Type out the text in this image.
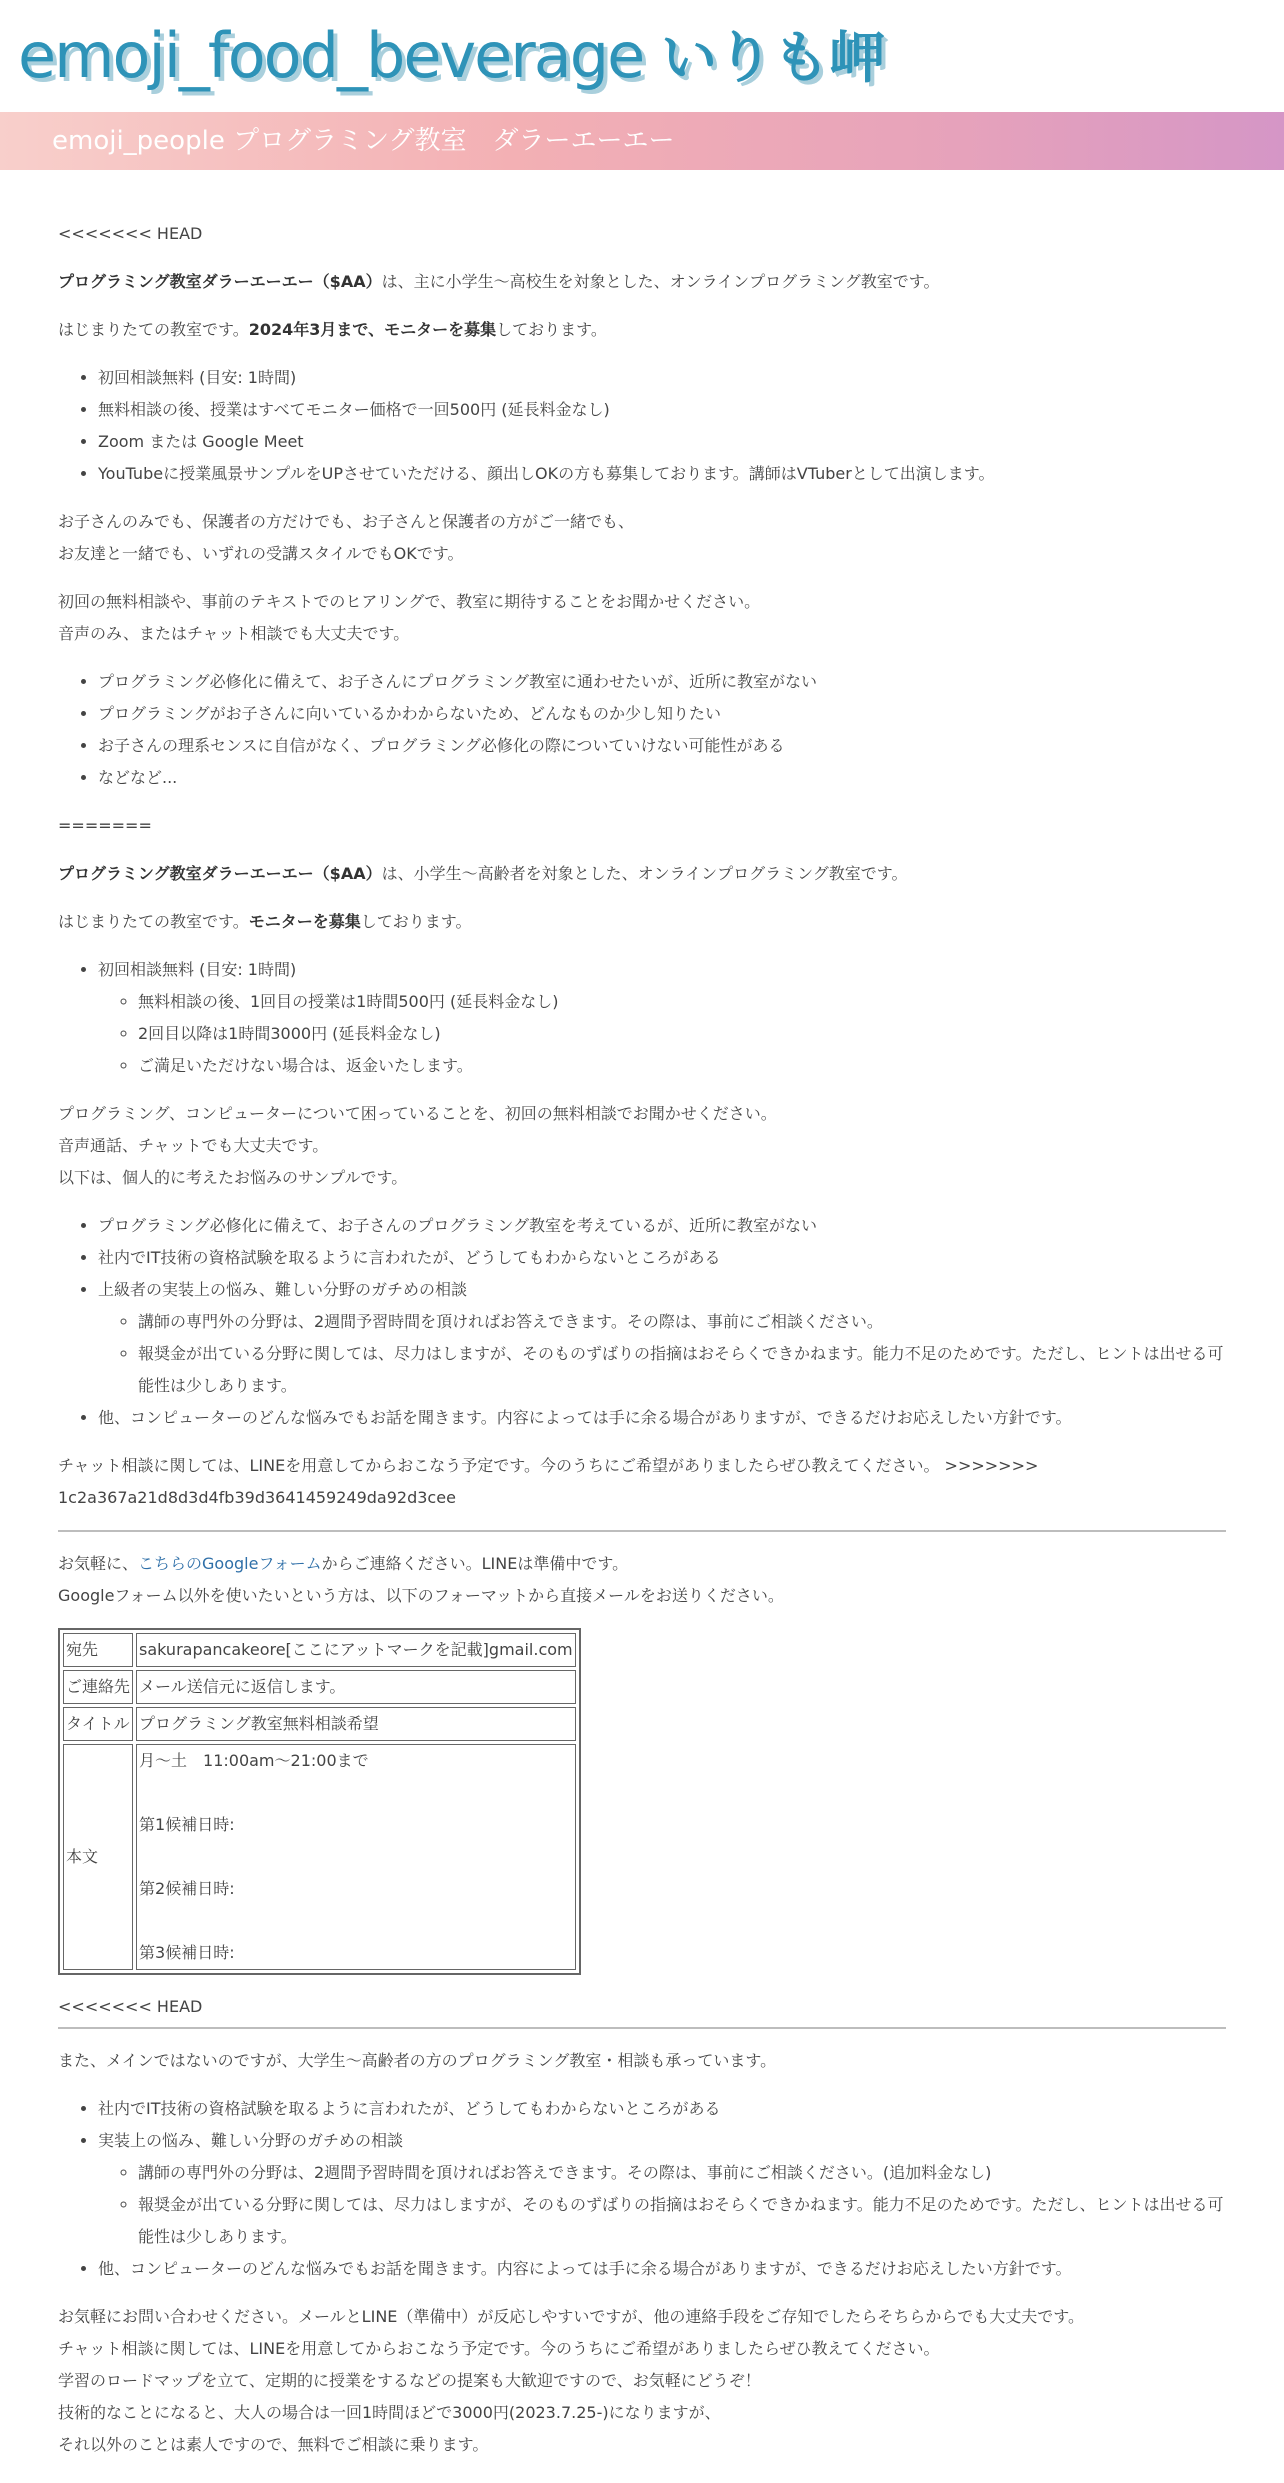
emoji_food_beverage いりも岬
emoji_people プログラミング教室　ダラーエーエー

<<<<<<< HEAD

プログラミング教室ダラーエーエー（$AA）は、主に小学生〜高校生を対象とした、オンラインプログラミング教室です。

はじまりたての教室です。2024年3月まで、モニターを募集しております。

• 初回相談無料 (目安: 1時間)
• 無料相談の後、授業はすべてモニター価格で一回500円 (延長料金なし)
• Zoom または Google Meet
• YouTubeに授業風景サンプルをUPさせていただける、顔出しOKの方も募集しております。講師はVTuberとして出演します。

お子さんのみでも、保護者の方だけでも、お子さんと保護者の方がご一緒でも、
お友達と一緒でも、いずれの受講スタイルでもOKです。

初回の無料相談や、事前のテキストでのヒアリングで、教室に期待することをお聞かせください。
音声のみ、またはチャット相談でも大丈夫です。

• プログラミング必修化に備えて、お子さんにプログラミング教室に通わせたいが、近所に教室がない
• プログラミングがお子さんに向いているかわからないため、どんなものか少し知りたい
• お子さんの理系センスに自信がなく、プログラミング必修化の際についていけない可能性がある
• などなど...

=======

プログラミング教室ダラーエーエー（$AA）は、小学生〜高齢者を対象とした、オンラインプログラミング教室です。

はじまりたての教室です。モニターを募集しております。

• 初回相談無料 (目安: 1時間)
◦ 無料相談の後、1回目の授業は1時間500円 (延長料金なし)
◦ 2回目以降は1時間3000円 (延長料金なし)
◦ ご満足いただけない場合は、返金いたします。

プログラミング、コンピューターについて困っていることを、初回の無料相談でお聞かせください。
音声通話、チャットでも大丈夫です。
以下は、個人的に考えたお悩みのサンプルです。

• プログラミング必修化に備えて、お子さんのプログラミング教室を考えているが、近所に教室がない
• 社内でIT技術の資格試験を取るように言われたが、どうしてもわからないところがある
• 上級者の実装上の悩み、難しい分野のガチめの相談
◦ 講師の専門外の分野は、2週間予習時間を頂ければお答えできます。その際は、事前にご相談ください。
◦ 報奨金が出ている分野に関しては、尽力はしますが、そのものずばりの指摘はおそらくできかねます。能力不足のためです。ただし、ヒントは出せる可能性は少しあります。
• 他、コンピューターのどんな悩みでもお話を聞きます。内容によっては手に余る場合がありますが、できるだけお応えしたい方針です。

チャット相談に関しては、LINEを用意してからおこなう予定です。今のうちにご希望がありましたらぜひ教えてください。 >>>>>>>
1c2a367a21d8d3d4fb39d3641459249da92d3cee

お気軽に、こちらのGoogleフォームからご連絡ください。LINEは準備中です。
Googleフォーム以外を使いたいという方は、以下のフォーマットから直接メールをお送りください。

宛先	sakurapancakeore[ここにアットマークを記載]gmail.com
ご連絡先	メール送信元に返信します。
タイトル	プログラミング教室無料相談希望
本文	月〜土　11:00am〜21:00まで

第1候補日時:

第2候補日時:

第3候補日時:

<<<<<<< HEAD

また、メインではないのですが、大学生〜高齢者の方のプログラミング教室・相談も承っています。

• 社内でIT技術の資格試験を取るように言われたが、どうしてもわからないところがある
• 実装上の悩み、難しい分野のガチめの相談
◦ 講師の専門外の分野は、2週間予習時間を頂ければお答えできます。その際は、事前にご相談ください。(追加料金なし)
◦ 報奨金が出ている分野に関しては、尽力はしますが、そのものずばりの指摘はおそらくできかねます。能力不足のためです。ただし、ヒントは出せる可能性は少しあります。
• 他、コンピューターのどんな悩みでもお話を聞きます。内容によっては手に余る場合がありますが、できるだけお応えしたい方針です。

お気軽にお問い合わせください。メールとLINE（準備中）が反応しやすいですが、他の連絡手段をご存知でしたらそちらからでも大丈夫です。
チャット相談に関しては、LINEを用意してからおこなう予定です。今のうちにご希望がありましたらぜひ教えてください。
学習のロードマップを立て、定期的に授業をするなどの提案も大歓迎ですので、お気軽にどうぞ！
技術的なことになると、大人の場合は一回1時間ほどで3000円(2023.7.25-)になりますが、
それ以外のことは素人ですので、無料でご相談に乗ります。
